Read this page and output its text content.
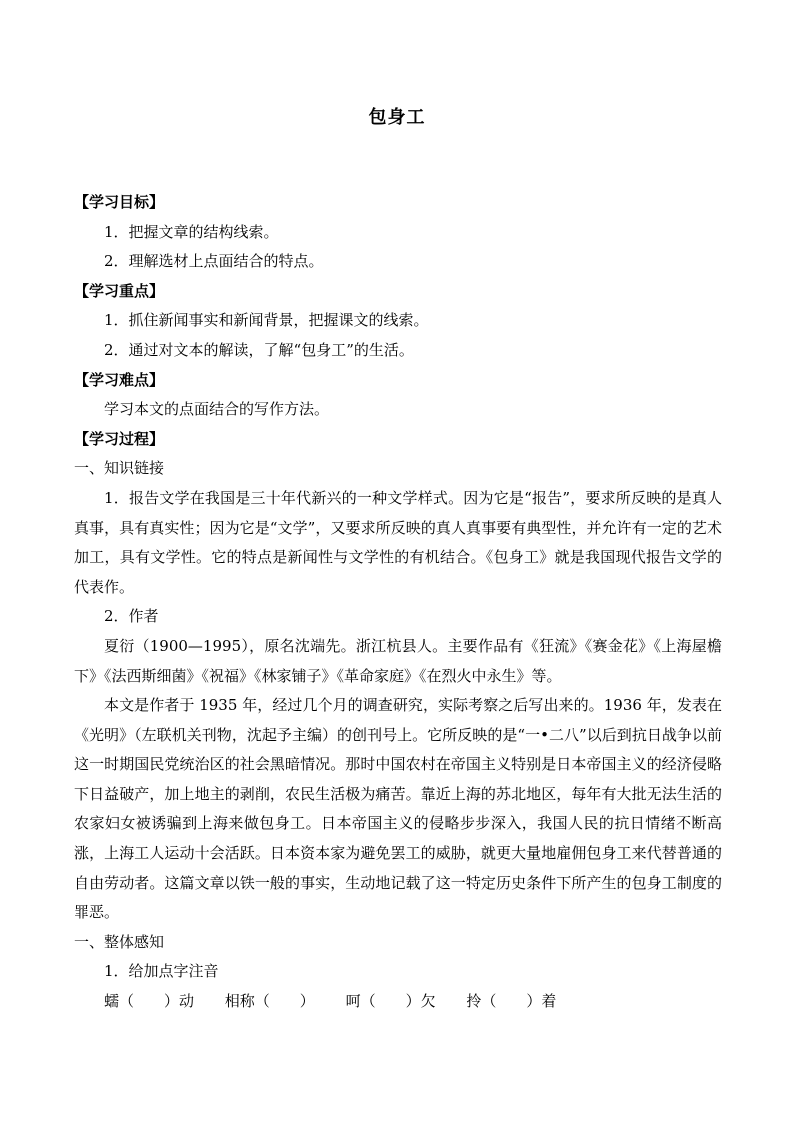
包身工

【学习目标】

1．把握文章的结构线索。

2．理解选材上点面结合的特点。

【学习重点】

1．抓住新闻事实和新闻背景，把握课文的线索。

2．通过对文本的解读，了解“包身工”的生活。

【学习难点】

学习本文的点面结合的写作方法。

【学习过程】

一、知识链接

1．报告文学在我国是三十年代新兴的一种文学样式。因为它是“报告”，要求所反映的是真人真事，具有真实性；因为它是“文学”，又要求所反映的真人真事要有典型性，并允许有一定的艺术加工，具有文学性。它的特点是新闻性与文学性的有机结合。《包身工》就是我国现代报告文学的代表作。

2．作者

夏衍（1900—1995），原名沈端先。浙江杭县人。主要作品有《狂流》《赛金花》《上海屋檐下》《法西斯细菌》《祝福》《林家铺子》《革命家庭》《在烈火中永生》等。

本文是作者于 1935 年，经过几个月的调查研究，实际考察之后写出来的。1936 年，发表在《光明》（左联机关刊物，沈起予主编）的创刊号上。它所反映的是“一•二八”以后到抗日战争以前这一时期国民党统治区的社会黑暗情况。那时中国农村在帝国主义特别是日本帝国主义的经济侵略下日益破产，加上地主的剥削，农民生活极为痛苦。靠近上海的苏北地区，每年有大批无法生活的农家妇女被诱骗到上海来做包身工。日本帝国主义的侵略步步深入，我国人民的抗日情绪不断高涨，上海工人运动十会活跃。日本资本家为避免罢工的威胁，就更大量地雇佣包身工来代替普通的自由劳动者。这篇文章以铁一般的事实，生动地记载了这一特定历史条件下所产生的包身工制度的罪恶。

一、整体感知

1．给加点字注音

蠕（　　）动 相称（　　） 呵（　　）欠 拎（　　）着
